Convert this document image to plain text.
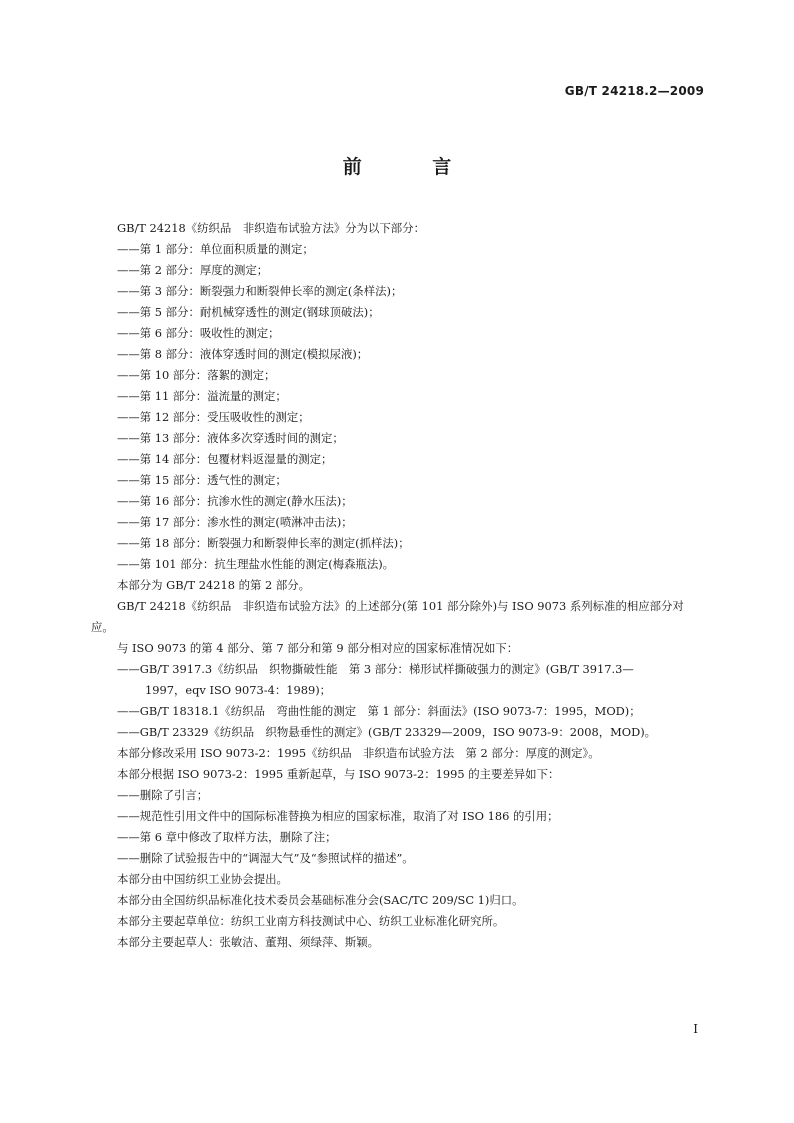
GB/T 24218.2—2009
前 言

GB/T 24218《纺织品　非织造布试验方法》分为以下部分：

——第 1 部分：单位面积质量的测定；

——第 2 部分：厚度的测定；

——第 3 部分：断裂强力和断裂伸长率的测定(条样法)；

——第 5 部分：耐机械穿透性的测定(钢球顶破法)；

——第 6 部分：吸收性的测定；

——第 8 部分：液体穿透时间的测定(模拟尿液)；

——第 10 部分：落絮的测定；

——第 11 部分：溢流量的测定；

——第 12 部分：受压吸收性的测定；

——第 13 部分：液体多次穿透时间的测定；

——第 14 部分：包覆材料返湿量的测定；

——第 15 部分：透气性的测定；

——第 16 部分：抗渗水性的测定(静水压法)；

——第 17 部分：渗水性的测定(喷淋冲击法)；

——第 18 部分：断裂强力和断裂伸长率的测定(抓样法)；

——第 101 部分：抗生理盐水性能的测定(梅森瓶法)。

本部分为 GB/T 24218 的第 2 部分。

GB/T 24218《纺织品　非织造布试验方法》的上述部分(第 101 部分除外)与 ISO 9073 系列标准的相应部分对应。

与 ISO 9073 的第 4 部分、第 7 部分和第 9 部分相对应的国家标准情况如下：

——GB/T 3917.3《纺织品　织物撕破性能　第 3 部分：梯形试样撕破强力的测定》(GB/T 3917.3—

1997，eqv ISO 9073-4：1989)；

——GB/T 18318.1《纺织品　弯曲性能的测定　第 1 部分：斜面法》(ISO 9073-7：1995，MOD)；

——GB/T 23329《纺织品　织物悬垂性的测定》(GB/T 23329—2009，ISO 9073-9：2008，MOD)。

本部分修改采用 ISO 9073-2：1995《纺织品　非织造布试验方法　第 2 部分：厚度的测定》。

本部分根据 ISO 9073-2：1995 重新起草，与 ISO 9073-2：1995 的主要差异如下：

——删除了引言；

——规范性引用文件中的国际标准替换为相应的国家标准，取消了对 ISO 186 的引用；

——第 6 章中修改了取样方法，删除了注；

——删除了试验报告中的“调湿大气”及“参照试样的描述”。

本部分由中国纺织工业协会提出。

本部分由全国纺织品标准化技术委员会基础标准分会(SAC/TC 209/SC 1)归口。

本部分主要起草单位：纺织工业南方科技测试中心、纺织工业标准化研究所。

本部分主要起草人：张敏洁、董翔、须绿萍、斯颖。

I
